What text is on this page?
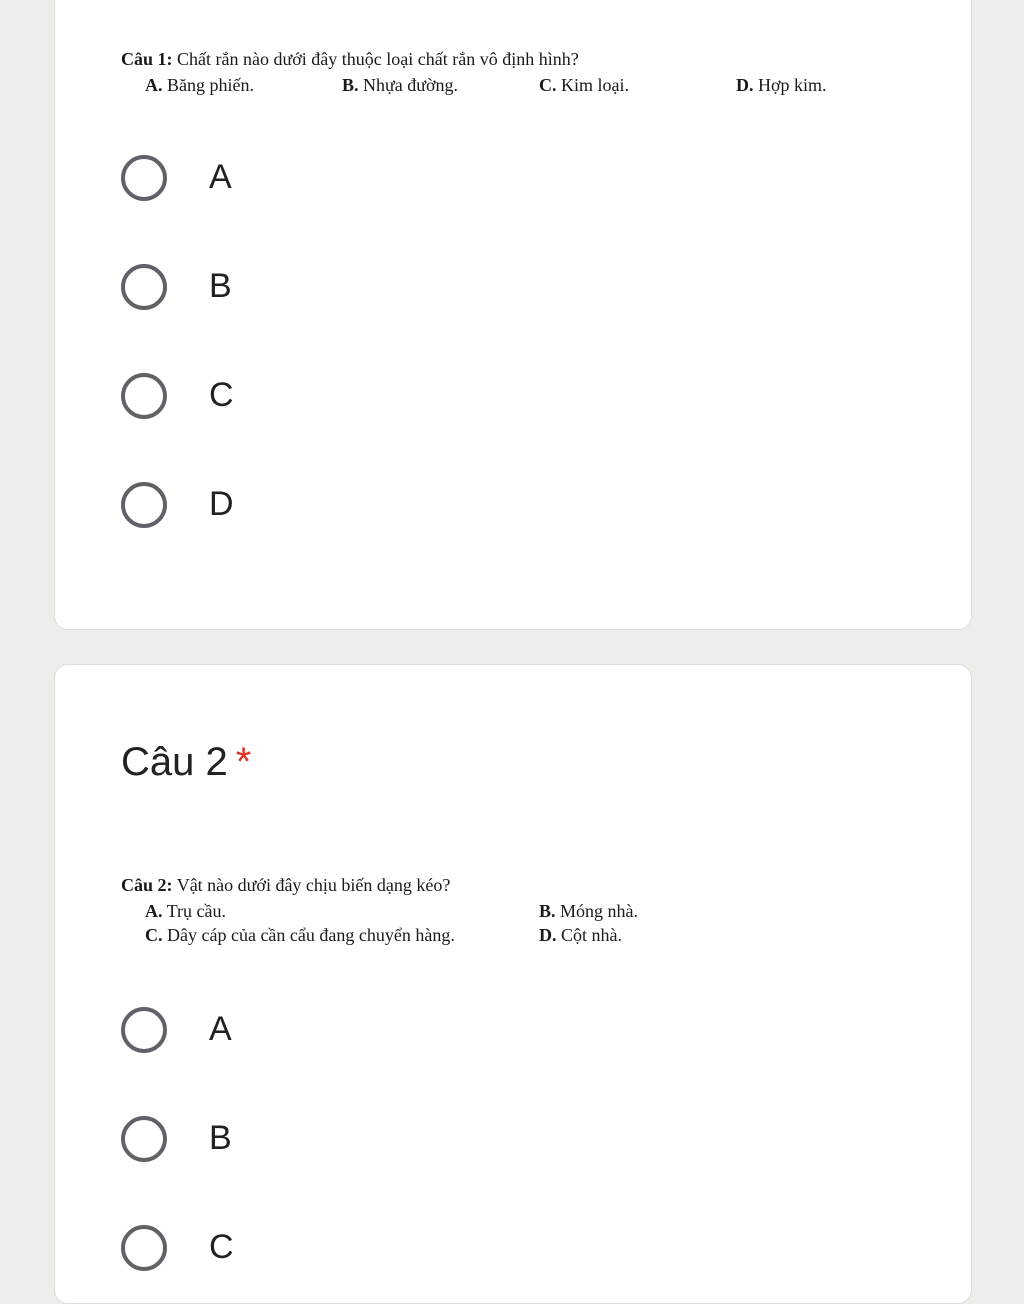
Câu 1: Chất rắn nào dưới đây thuộc loại chất rắn vô định hình?
A. Băng phiến.	B. Nhựa đường.	C. Kim loại.	D. Hợp kim.
A
B
C
D
Câu 2 *
Câu 2: Vật nào dưới đây chịu biến dạng kéo?
A. Trụ cầu.	B. Móng nhà.
C. Dây cáp của cần cẩu đang chuyển hàng.	D. Cột nhà.
A
B
C
